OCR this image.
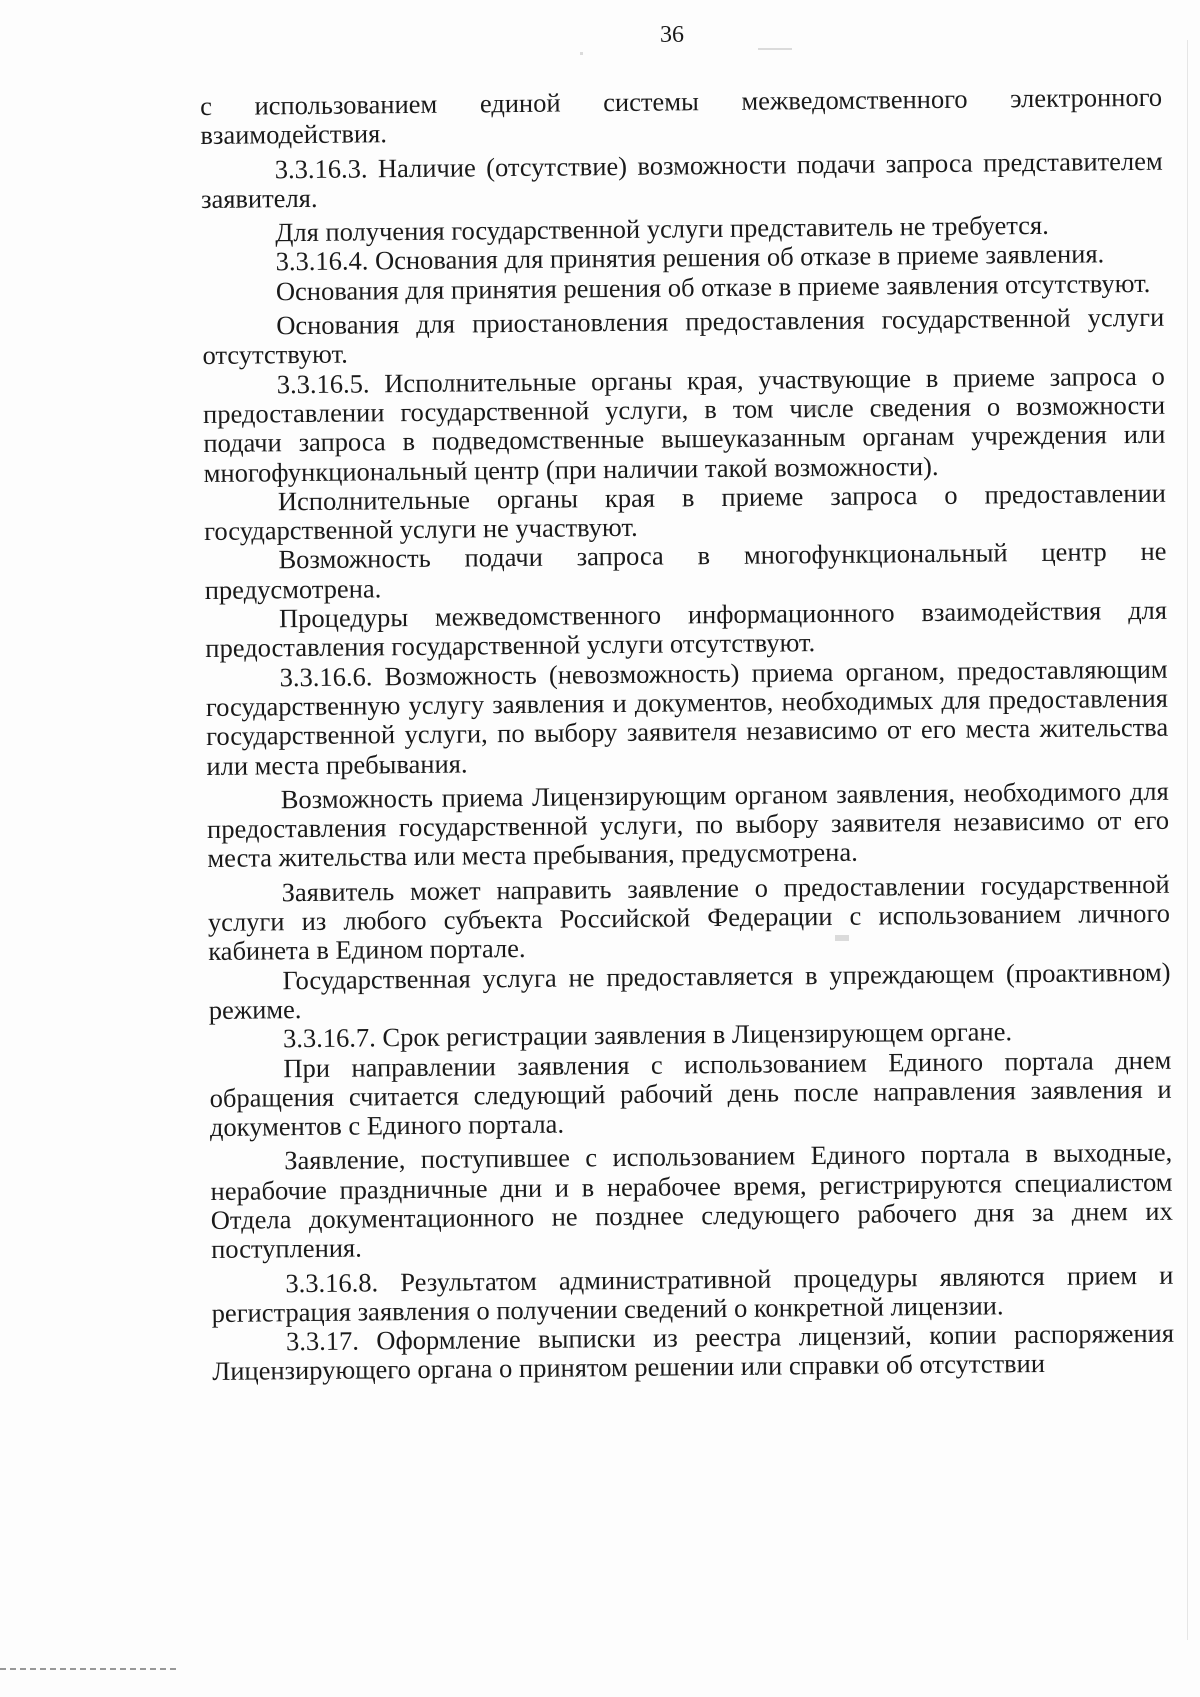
36

с использованием единой системы межведомственного электронного взаимодействия.

3.3.16.3. Наличие (отсутствие) возможности подачи запроса представителем заявителя.

Для получения государственной услуги представитель не требуется.

3.3.16.4. Основания для принятия решения об отказе в приеме заявления.

Основания для принятия решения об отказе в приеме заявления отсутствуют.

Основания для приостановления предоставления государственной услуги отсутствуют.

3.3.16.5. Исполнительные органы края, участвующие в приеме запроса о предоставлении государственной услуги, в том числе сведения о возможности подачи запроса в подведомственные вышеуказанным органам учреждения или многофункциональный центр (при наличии такой возможности).

Исполнительные органы края в приеме запроса о предоставлении государственной услуги не участвуют.

Возможность подачи запроса в многофункциональный центр не предусмотрена.

Процедуры межведомственного информационного взаимодействия для предоставления государственной услуги отсутствуют.

3.3.16.6. Возможность (невозможность) приема органом, предоставляющим государственную услугу заявления и документов, необходимых для предоставления государственной услуги, по выбору заявителя независимо от его места жительства или места пребывания.

Возможность приема Лицензирующим органом заявления, необходимого для предоставления государственной услуги, по выбору заявителя независимо от его места жительства или места пребывания, предусмотрена.

Заявитель может направить заявление о предоставлении государственной услуги из любого субъекта Российской Федерации с использованием личного кабинета в Едином портале.

Государственная услуга не предоставляется в упреждающем (проактивном) режиме.

3.3.16.7. Срок регистрации заявления в Лицензирующем органе.

При направлении заявления с использованием Единого портала днем обращения считается следующий рабочий день после направления заявления и документов с Единого портала.

Заявление, поступившее с использованием Единого портала в выходные, нерабочие праздничные дни и в нерабочее время, регистрируются специалистом Отдела документационного не позднее следующего рабочего дня за днем их поступления.

3.3.16.8. Результатом административной процедуры являются прием и регистрация заявления о получении сведений о конкретной лицензии.

3.3.17. Оформление выписки из реестра лицензий, копии распоряжения Лицензирующего органа о принятом решении или справки об отсутствии
